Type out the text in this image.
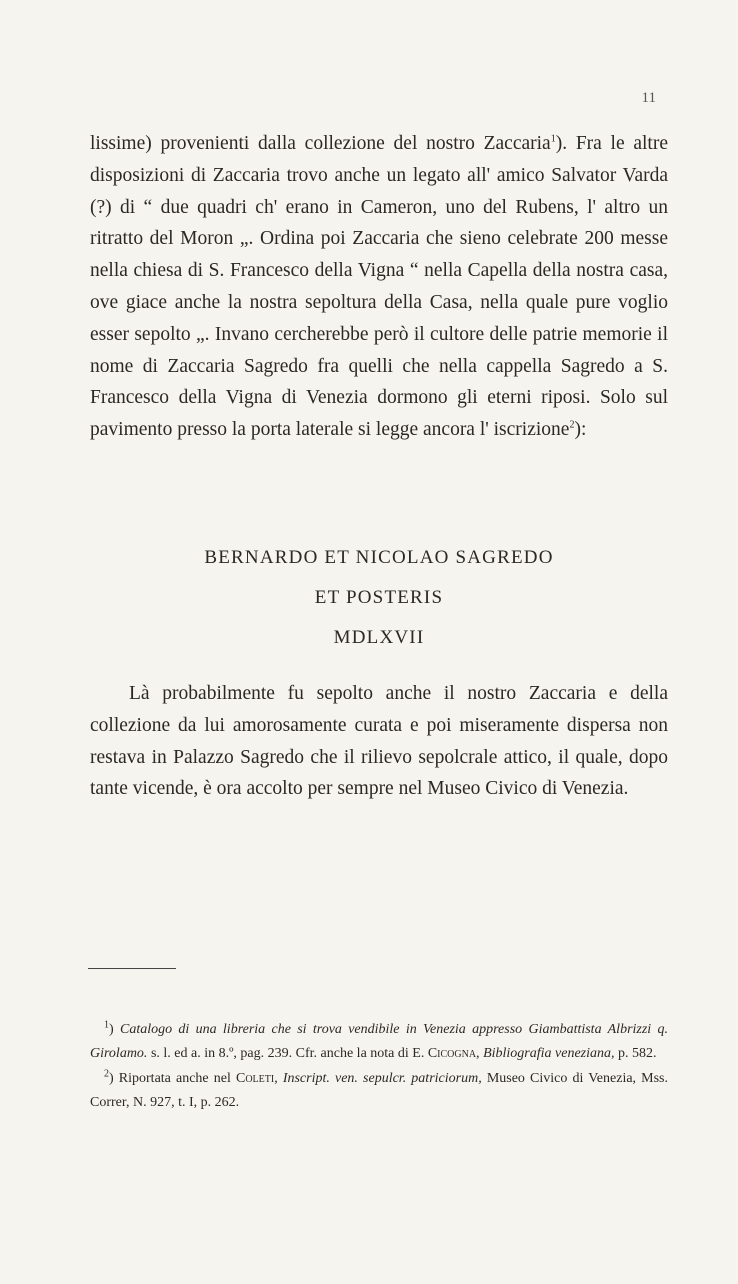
11

lissime) provenienti dalla collezione del nostro Zaccaria$^1$). Fra le altre disposizioni di Zaccaria trovo anche un legato all' amico Salvator Varda (?) di “ due quadri ch' erano in Cameron, uno del Rubens, l' altro un ritratto del Moron „. Ordina poi Zaccaria che sieno celebrate 200 messe nella chiesa di S. Francesco della Vigna “ nella Capella della nostra casa, ove giace anche la nostra sepoltura della Casa, nella quale pure voglio esser sepolto „. Invano cercherebbe però il cultore delle patrie memorie il nome di Zaccaria Sagredo fra quelli che nella cappella Sagredo a S. Francesco della Vigna di Venezia dormono gli eterni riposi. Solo sul pavimento presso la porta laterale si legge ancora l' iscrizione$^2$):

BERNARDO ET NICOLAO SAGREDO
ET POSTERIS
MDLXVII

Là probabilmente fu sepolto anche il nostro Zaccaria e della collezione da lui amorosamente curata e poi miseramente dispersa non restava in Palazzo Sagredo che il rilievo sepolcrale attico, il quale, dopo tante vicende, è ora accolto per sempre nel Museo Civico di Venezia.

$^1$) Catalogo di una libreria che si trova vendibile in Venezia appresso Giambattista Albrizzi q. Girolamo. s. l. ed a. in 8.º, pag. 239. Cfr. anche la nota di E. Cicogna, Bibliografia veneziana, p. 582.

$^2$) Riportata anche nel Coleti, Inscript. ven. sepulcr. patriciorum, Museo Civico di Venezia, Mss. Correr, N. 927, t. I, p. 262.
